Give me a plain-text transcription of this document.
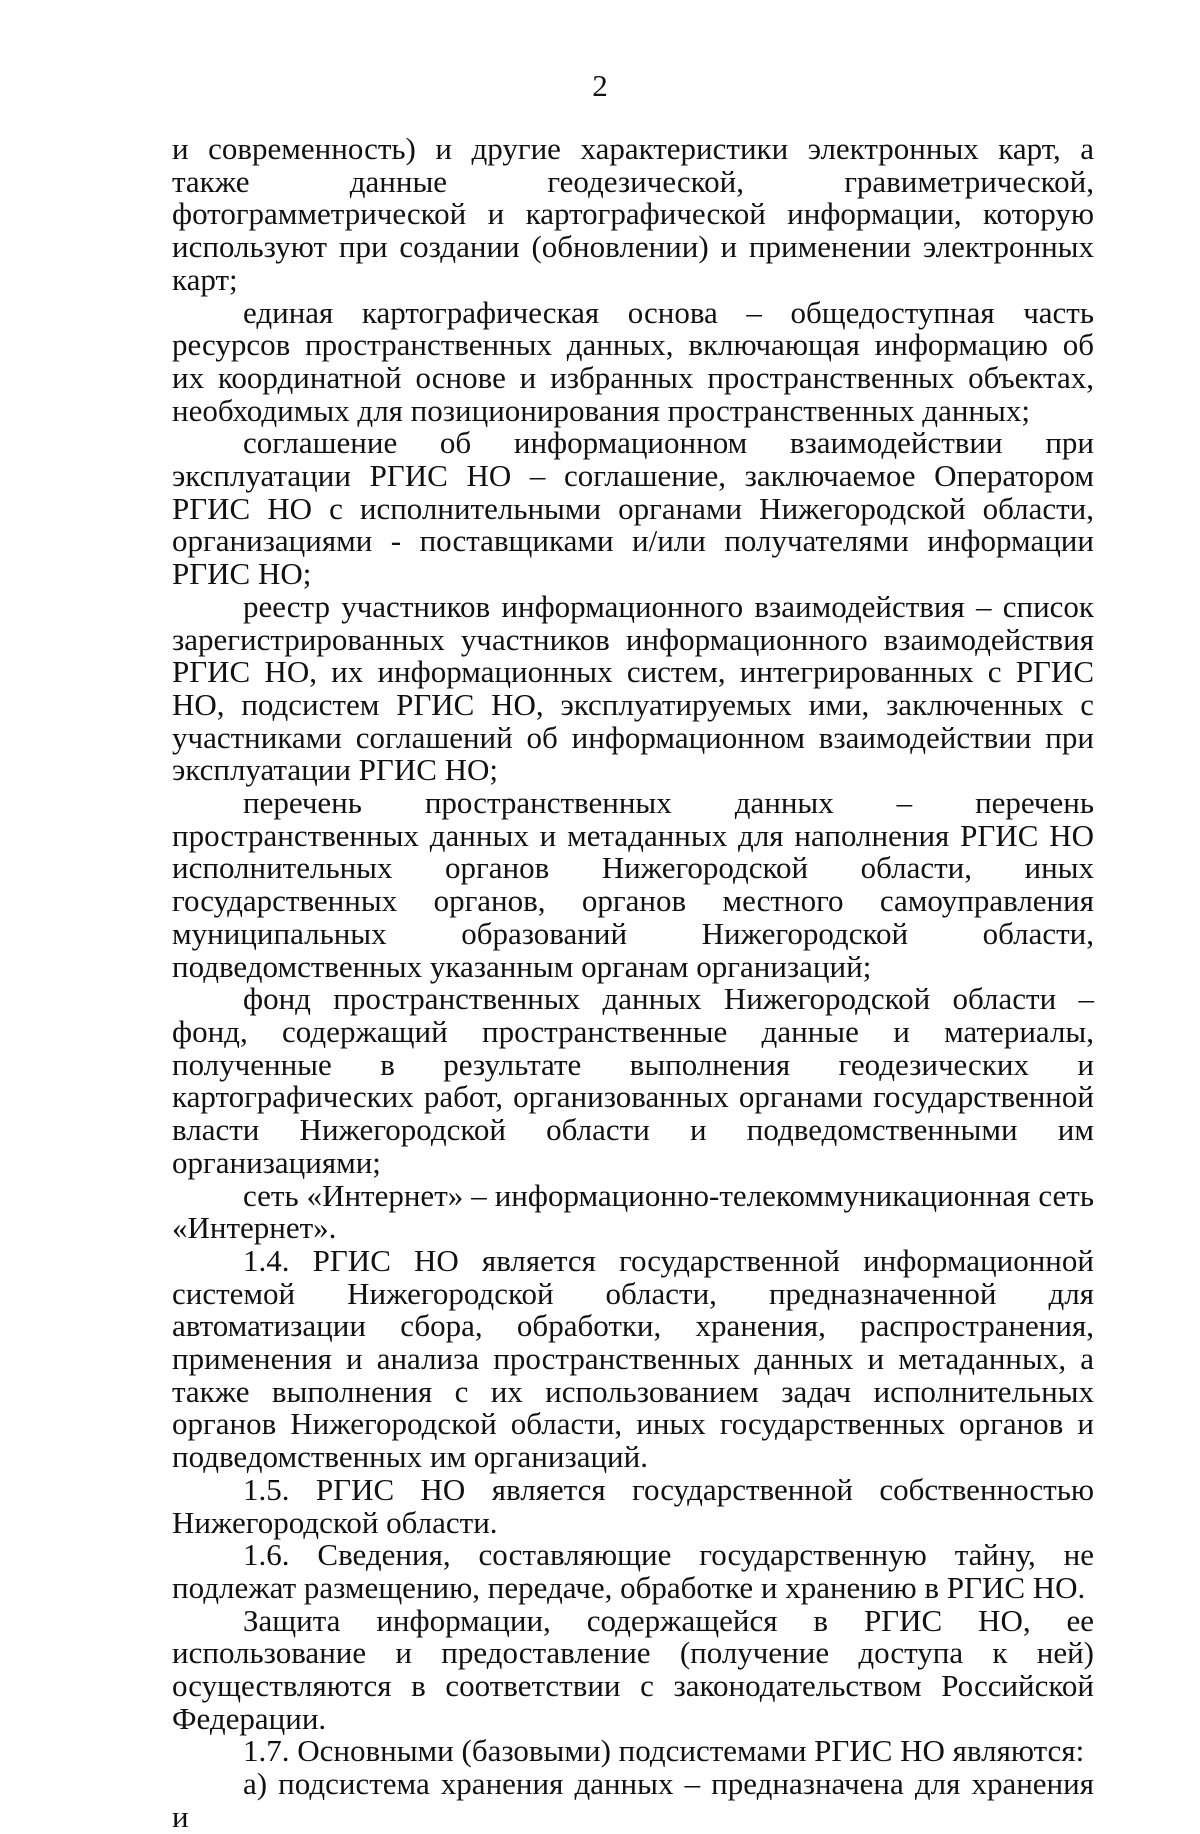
2

и современность) и другие характеристики электронных карт, а также данные геодезической, гравиметрической, фотограмметрической и картографической информации, которую используют при создании (обновлении) и применении электронных карт;

единая картографическая основа – общедоступная часть ресурсов пространственных данных, включающая информацию об их координатной основе и избранных пространственных объектах, необходимых для позиционирования пространственных данных;

соглашение об информационном взаимодействии при эксплуатации РГИС НО – соглашение, заключаемое Оператором РГИС НО с исполнительными органами Нижегородской области, организациями - поставщиками и/или получателями информации РГИС НО;

реестр участников информационного взаимодействия – список зарегистрированных участников информационного взаимодействия РГИС НО, их информационных систем, интегрированных с РГИС НО, подсистем РГИС НО, эксплуатируемых ими, заключенных с участниками соглашений об информационном взаимодействии при эксплуатации РГИС НО;

перечень пространственных данных – перечень пространственных данных и метаданных для наполнения РГИС НО исполнительных органов Нижегородской области, иных государственных органов, органов местного самоуправления муниципальных образований Нижегородской области, подведомственных указанным органам организаций;

фонд пространственных данных Нижегородской области – фонд, содержащий пространственные данные и материалы, полученные в результате выполнения геодезических и картографических работ, организованных органами государственной власти Нижегородской области и подведомственными им организациями;

сеть «Интернет» – информационно-телекоммуникационная сеть «Интернет».

1.4. РГИС НО является государственной информационной системой Нижегородской области, предназначенной для автоматизации сбора, обработки, хранения, распространения, применения и анализа пространственных данных и метаданных, а также выполнения с их использованием задач исполнительных органов Нижегородской области, иных государственных органов и подведомственных им организаций.

1.5. РГИС НО является государственной собственностью Нижегородской области.

1.6. Сведения, составляющие государственную тайну, не подлежат размещению, передаче, обработке и хранению в РГИС НО.

Защита информации, содержащейся в РГИС НО, ее использование и предоставление (получение доступа к ней) осуществляются в соответствии с законодательством Российской Федерации.

1.7. Основными (базовыми) подсистемами РГИС НО являются:

а) подсистема хранения данных – предназначена для хранения и
